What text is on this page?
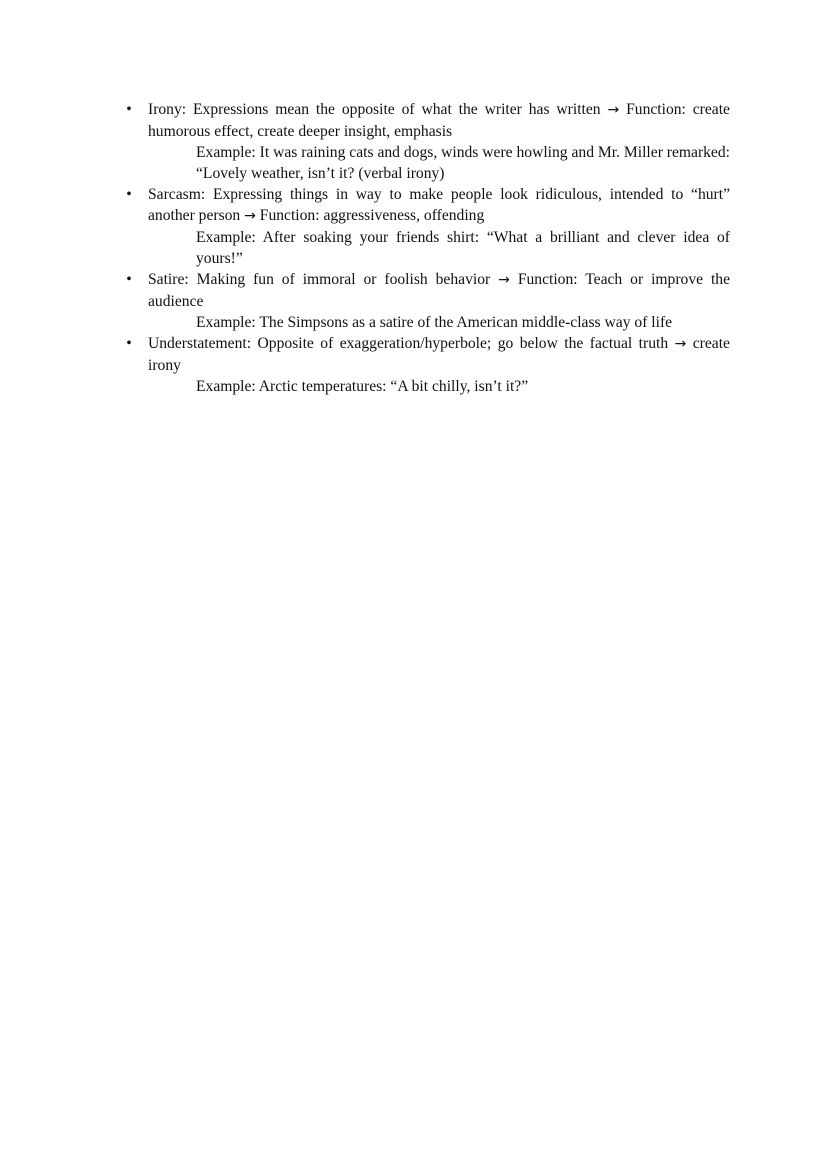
• Irony: Expressions mean the opposite of what the writer has written → Function: create humorous effect, create deeper insight, emphasis
Example: It was raining cats and dogs, winds were howling and Mr. Miller remarked: “Lovely weather, isn’t it? (verbal irony)
• Sarcasm: Expressing things in way to make people look ridiculous, intended to “hurt” another person → Function: aggressiveness, offending
Example: After soaking your friends shirt: “What a brilliant and clever idea of yours!”
• Satire: Making fun of immoral or foolish behavior → Function: Teach or improve the audience
Example: The Simpsons as a satire of the American middle-class way of life
• Understatement: Opposite of exaggeration/hyperbole; go below the factual truth → create irony
Example: Arctic temperatures: “A bit chilly, isn’t it?”
